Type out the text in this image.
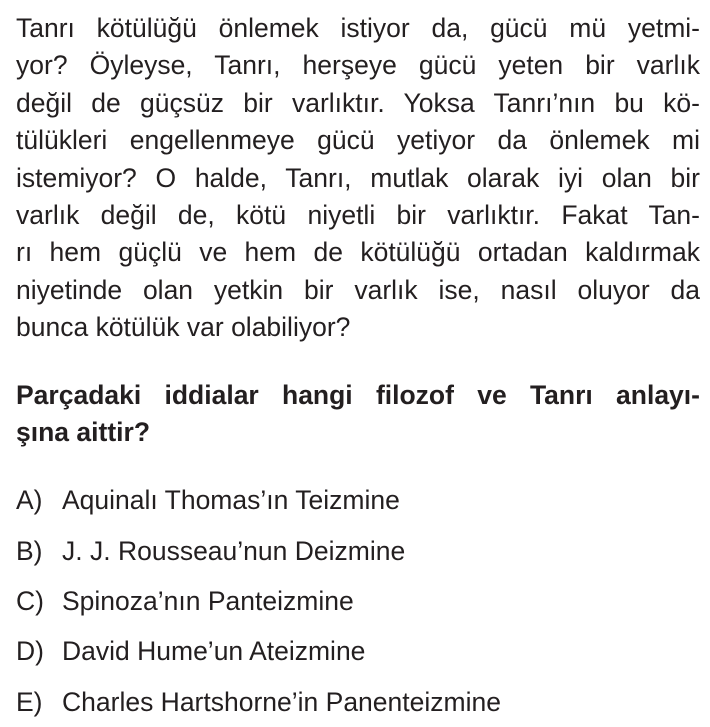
Tanrı kötülüğü önlemek istiyor da, gücü mü yetmi-
yor? Öyleyse, Tanrı, herşeye gücü yeten bir varlık
değil de güçsüz bir varlıktır. Yoksa Tanrı’nın bu kö-
tülükleri engellenmeye gücü yetiyor da önlemek mi
istemiyor? O halde, Tanrı, mutlak olarak iyi olan bir
varlık değil de, kötü niyetli bir varlıktır. Fakat Tan-
rı hem güçlü ve hem de kötülüğü ortadan kaldırmak
niyetinde olan yetkin bir varlık ise, nasıl oluyor da
bunca kötülük var olabiliyor?
Parçadaki iddialar hangi filozof ve Tanrı anlayı-
şına aittir?
A) Aquinalı Thomas’ın Teizmine
B) J. J. Rousseau’nun Deizmine
C) Spinoza’nın Panteizmine
D) David Hume’un Ateizmine
E) Charles Hartshorne’in Panenteizmine
